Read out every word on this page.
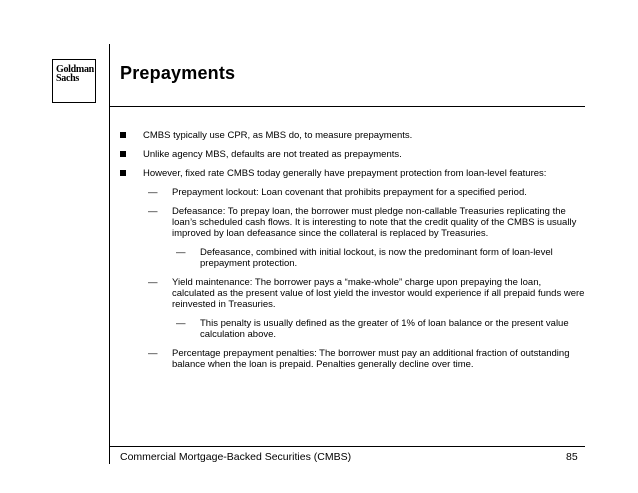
Goldman
Sachs	Prepayments
CMBS typically use CPR, as MBS do, to measure prepayments.
Unlike agency MBS, defaults are not treated as prepayments.
However, fixed rate CMBS today generally have prepayment protection from loan-level features:
— Prepayment lockout: Loan covenant that prohibits prepayment for a specified period.
— Defeasance: To prepay loan, the borrower must pledge non-callable Treasuries replicating the loan’s scheduled cash flows. It is interesting to note that the credit quality of the CMBS is usually improved by loan defeasance since the collateral is replaced by Treasuries.
— Defeasance, combined with initial lockout, is now the predominant form of loan-level prepayment protection.
— Yield maintenance: The borrower pays a “make-whole” charge upon prepaying the loan, calculated as the present value of lost yield the investor would experience if all prepaid funds were reinvested in Treasuries.
— This penalty is usually defined as the greater of 1% of loan balance or the present value calculation above.
— Percentage prepayment penalties: The borrower must pay an additional fraction of outstanding balance when the loan is prepaid. Penalties generally decline over time.
Commercial Mortgage-Backed Securities (CMBS)	85
